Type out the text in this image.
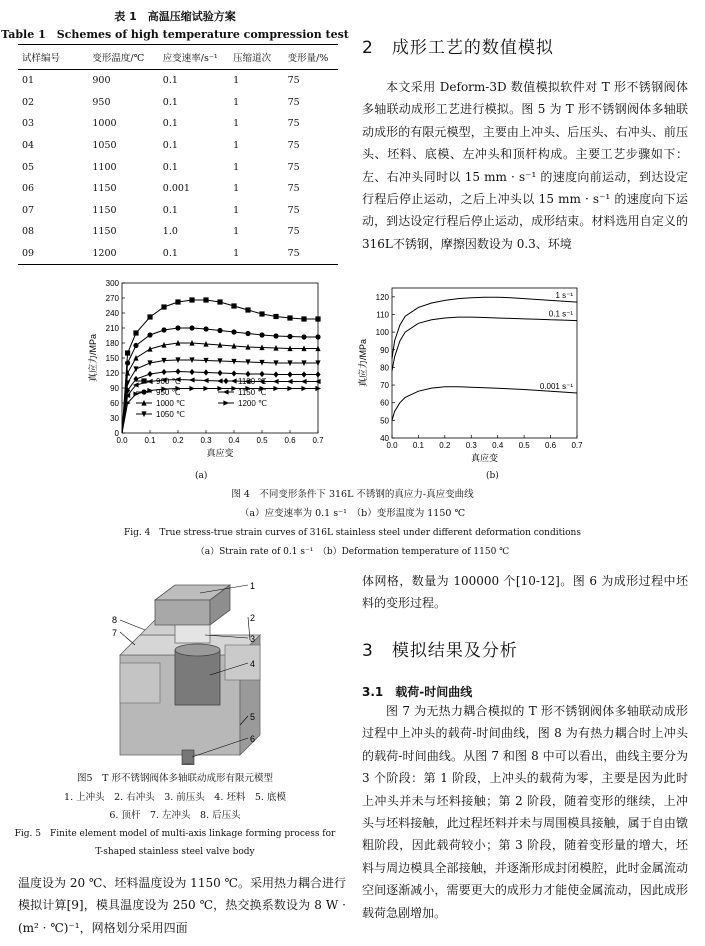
表 1　高温压缩试验方案
Table 1　Schemes of high temperature compression test
试样编号	变形温度/℃	应变速率/s⁻¹	压缩道次	变形量/%
01	900	0.1	1	75
02	950	0.1	1	75
03	1000	0.1	1	75
04	1050	0.1	1	75
05	1100	0.1	1	75
06	1150	0.001	1	75
07	1150	0.1	1	75
08	1150	1.0	1	75
09	1200	0.1	1	75
2　成形工艺的数值模拟

本文采用 Deform-3D 数值模拟软件对 T 形不锈钢阀体多轴联动成形工艺进行模拟。图 5 为 T 形不锈钢阀体多轴联动成形的有限元模型，主要由上冲头、后压头、右冲头、前压头、坯料、底模、左冲头和顶杆构成。主要工艺步骤如下：左、右冲头同时以 15 mm · s⁻¹ 的速度向前运动，到达设定行程后停止运动，之后上冲头以 15 mm · s⁻¹ 的速度向下运动，到达设定行程后停止运动，成形结束。材料选用自定义的316L不锈钢，摩擦因数设为 0.3、环境

0.0 0.1 0.2 0.3 0.4 0.5 0.6 0.7
0
30
60
90
120
150
180
210
240
270
300
真应变
真应力/MPa	900 ℃
950 ℃
1000 ℃
1050 ℃
1100 ℃
1150 ℃
1200 ℃
0.0 0.1 0.2 0.3 0.4 0.5 0.6 0.7
40
50
60
70
80
90
100
110
120
真应变
真应力/MPa
1 s⁻¹
0.1 s⁻¹
0.001 s⁻¹
(a)	(b)
图 4　不同变形条件下 316L 不锈钢的真应力-真应变曲线
（a）应变速率为 0.1 s⁻¹　（b）变形温度为 1150 ℃
Fig. 4　True stress-true strain curves of 316L stainless steel under different deformation conditions
（a）Strain rate of 0.1 s⁻¹　（b）Deformation temperature of 1150 ℃
1
2
3
4
5
6
7
8
图5　T 形不锈钢阀体多轴联动成形有限元模型
1. 上冲头　2. 右冲头　3. 前压头　4. 坯料　5. 底模
6. 顶杆　7. 左冲头　8. 后压头
Fig. 5　Finite element model of multi-axis linkage forming process for
T-shaped stainless steel valve body

温度设为 20 ℃、坯料温度设为 1150 ℃。采用热力耦合进行模拟计算[9]，模具温度设为 250 ℃，热交换系数设为 8 W · (m² · ℃)⁻¹，网格划分采用四面

体网格，数量为 100000 个[10-12]。图 6 为成形过程中坯料的变形过程。

3　模拟结果及分析
3.1　载荷-时间曲线

图 7 为无热力耦合模拟的 T 形不锈钢阀体多轴联动成形过程中上冲头的载荷-时间曲线，图 8 为有热力耦合时上冲头的载荷-时间曲线。从图 7 和图 8 中可以看出，曲线主要分为 3 个阶段：第 1 阶段，上冲头的载荷为零，主要是因为此时上冲头并未与坯料接触；第 2 阶段，随着变形的继续，上冲头与坯料接触，此过程坯料并未与周围模具接触，属于自由镦粗阶段，因此载荷较小；第 3 阶段，随着变形量的增大，坯料与周边模具全部接触，并逐渐形成封闭模腔，此时金属流动空间逐渐减小，需要更大的成形力才能使金属流动，因此成形载荷急剧增加。
